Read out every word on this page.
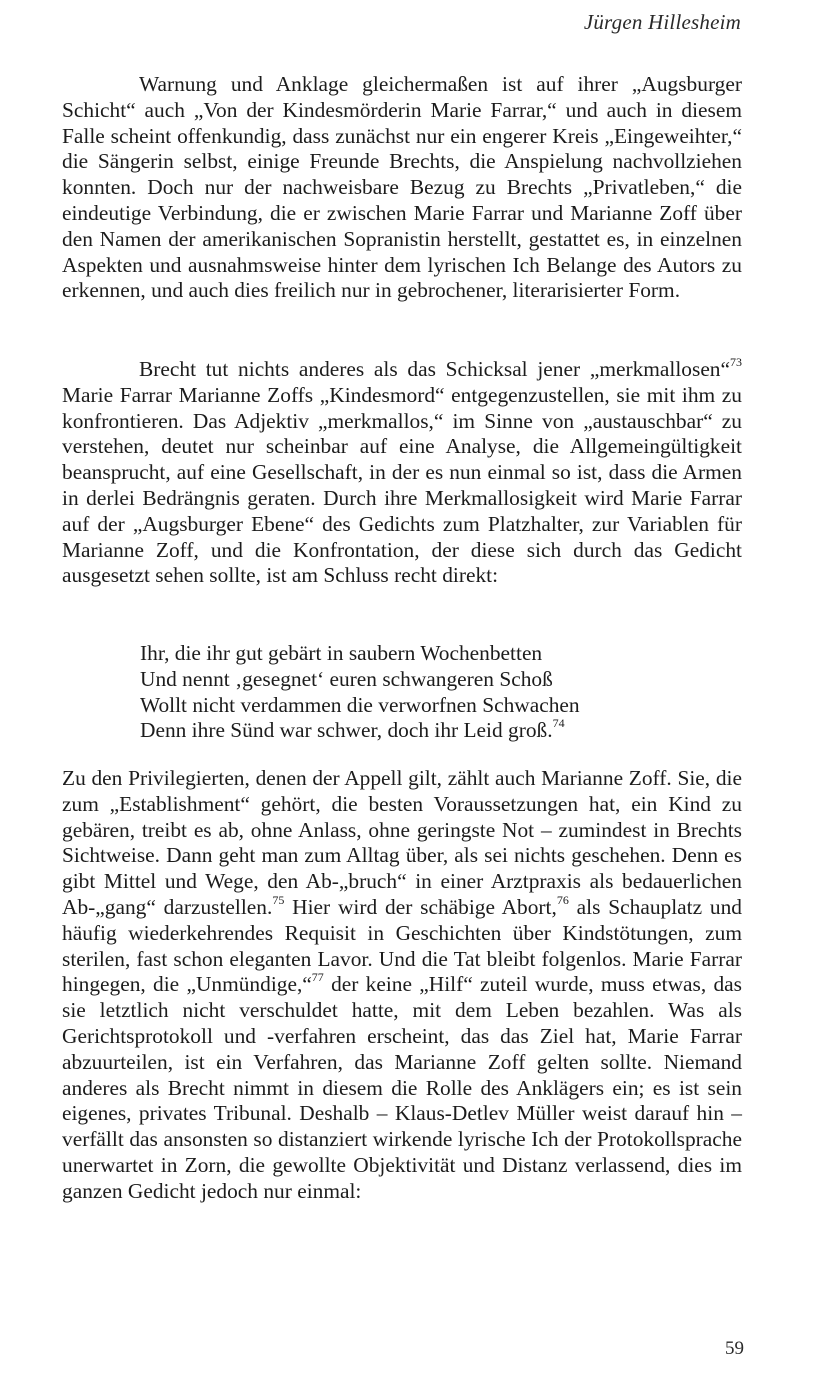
Jürgen Hillesheim

Warnung und Anklage gleichermaßen ist auf ihrer „Augsburger Schicht“ auch „Von der Kindesmörderin Marie Farrar,“ und auch in diesem Falle scheint offenkundig, dass zunächst nur ein engerer Kreis „Eingeweihter,“ die Sängerin selbst, einige Freunde Brechts, die Anspielung nachvollziehen konnten. Doch nur der nachweisbare Bezug zu Brechts „Privatleben,“ die eindeutige Verbindung, die er zwischen Marie Farrar und Marianne Zoff über den Namen der amerikanischen Sopranistin herstellt, gestattet es, in einzelnen Aspekten und ausnahmsweise hinter dem lyrischen Ich Belange des Autors zu erkennen, und auch dies freilich nur in gebrochener, literarisierter Form.

Brecht tut nichts anderes als das Schicksal jener „merkmallosen“$^{73}$ Marie Farrar Marianne Zoffs „Kindesmord“ entgegenzustellen, sie mit ihm zu konfrontieren. Das Adjektiv „merkmallos,“ im Sinne von „austauschbar“ zu verstehen, deutet nur scheinbar auf eine Analyse, die Allgemeingültigkeit beansprucht, auf eine Gesellschaft, in der es nun einmal so ist, dass die Armen in derlei Bedrängnis geraten. Durch ihre Merkmallosigkeit wird Marie Farrar auf der „Augsburger Ebene“ des Gedichts zum Platzhalter, zur Variablen für Marianne Zoff, und die Konfrontation, der diese sich durch das Gedicht ausgesetzt sehen sollte, ist am Schluss recht direkt:

Ihr, die ihr gut gebärt in saubern Wochenbetten
Und nennt ‚gesegnet‘ euren schwangeren Schoß
Wollt nicht verdammen die verworfnen Schwachen
Denn ihre Sünd war schwer, doch ihr Leid groß.$^{74}$

Zu den Privilegierten, denen der Appell gilt, zählt auch Marianne Zoff. Sie, die zum „Establishment“ gehört, die besten Voraussetzungen hat, ein Kind zu gebären, treibt es ab, ohne Anlass, ohne geringste Not – zumindest in Brechts Sichtweise. Dann geht man zum Alltag über, als sei nichts geschehen. Denn es gibt Mittel und Wege, den Ab-„bruch“ in einer Arztpraxis als bedauerlichen Ab-„gang“ darzustellen.$^{75}$ Hier wird der schäbige Abort,$^{76}$ als Schauplatz und häufig wiederkehrendes Requisit in Geschichten über Kindstötungen, zum sterilen, fast schon eleganten Lavor. Und die Tat bleibt folgenlos. Marie Farrar hingegen, die „Unmündige,“$^{77}$ der keine „Hilf“ zuteil wurde, muss etwas, das sie letztlich nicht verschuldet hatte, mit dem Leben bezahlen. Was als Gerichtsprotokoll und -verfahren erscheint, das das Ziel hat, Marie Farrar abzuurteilen, ist ein Verfahren, das Marianne Zoff gelten sollte. Niemand anderes als Brecht nimmt in diesem die Rolle des Anklägers ein; es ist sein eigenes, privates Tribunal. Deshalb – Klaus-Detlev Müller weist darauf hin – verfällt das ansonsten so distanziert wirkende lyrische Ich der Protokollsprache unerwartet in Zorn, die gewollte Objektivität und Distanz verlassend, dies im ganzen Gedicht jedoch nur einmal:

59
